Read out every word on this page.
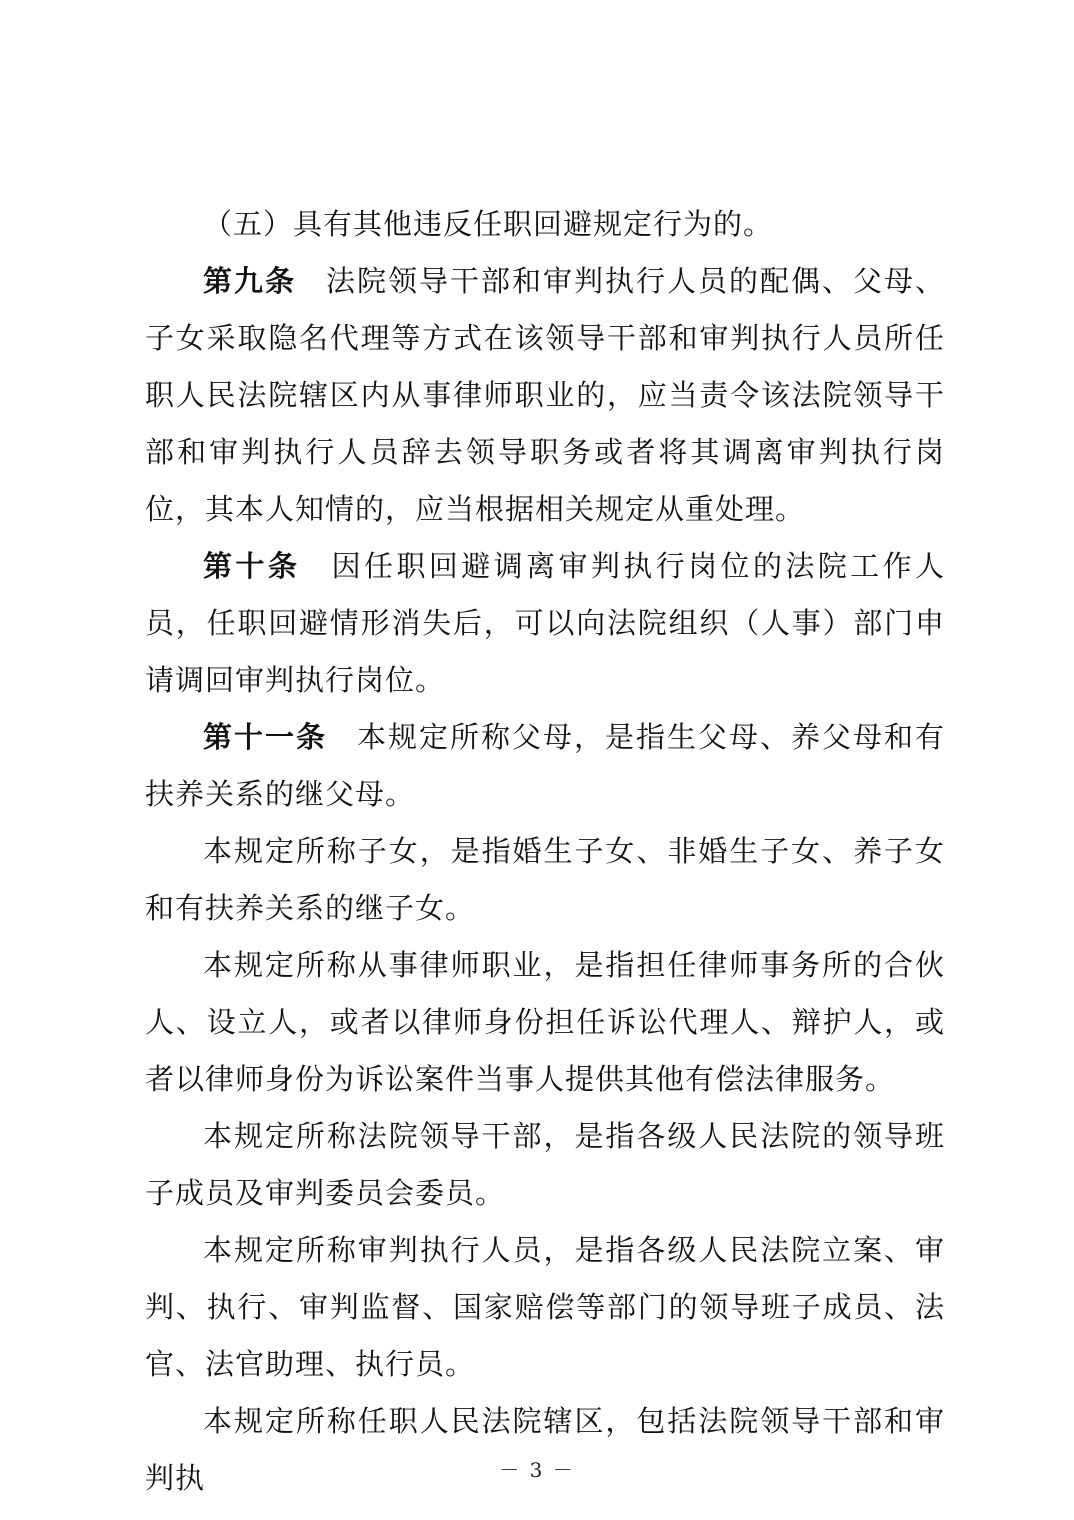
（五）具有其他违反任职回避规定行为的。

第九条 法院领导干部和审判执行人员的配偶、父母、子女采取隐名代理等方式在该领导干部和审判执行人员所任职人民法院辖区内从事律师职业的，应当责令该法院领导干部和审判执行人员辞去领导职务或者将其调离审判执行岗位，其本人知情的，应当根据相关规定从重处理。

第十条 因任职回避调离审判执行岗位的法院工作人员，任职回避情形消失后，可以向法院组织（人事）部门申请调回审判执行岗位。

第十一条 本规定所称父母，是指生父母、养父母和有扶养关系的继父母。

本规定所称子女，是指婚生子女、非婚生子女、养子女和有扶养关系的继子女。

本规定所称从事律师职业，是指担任律师事务所的合伙人、设立人，或者以律师身份担任诉讼代理人、辩护人，或者以律师身份为诉讼案件当事人提供其他有偿法律服务。

本规定所称法院领导干部，是指各级人民法院的领导班子成员及审判委员会委员。

本规定所称审判执行人员，是指各级人民法院立案、审判、执行、审判监督、国家赔偿等部门的领导班子成员、法官、法官助理、执行员。

本规定所称任职人民法院辖区，包括法院领导干部和审判执	－ 3 －
